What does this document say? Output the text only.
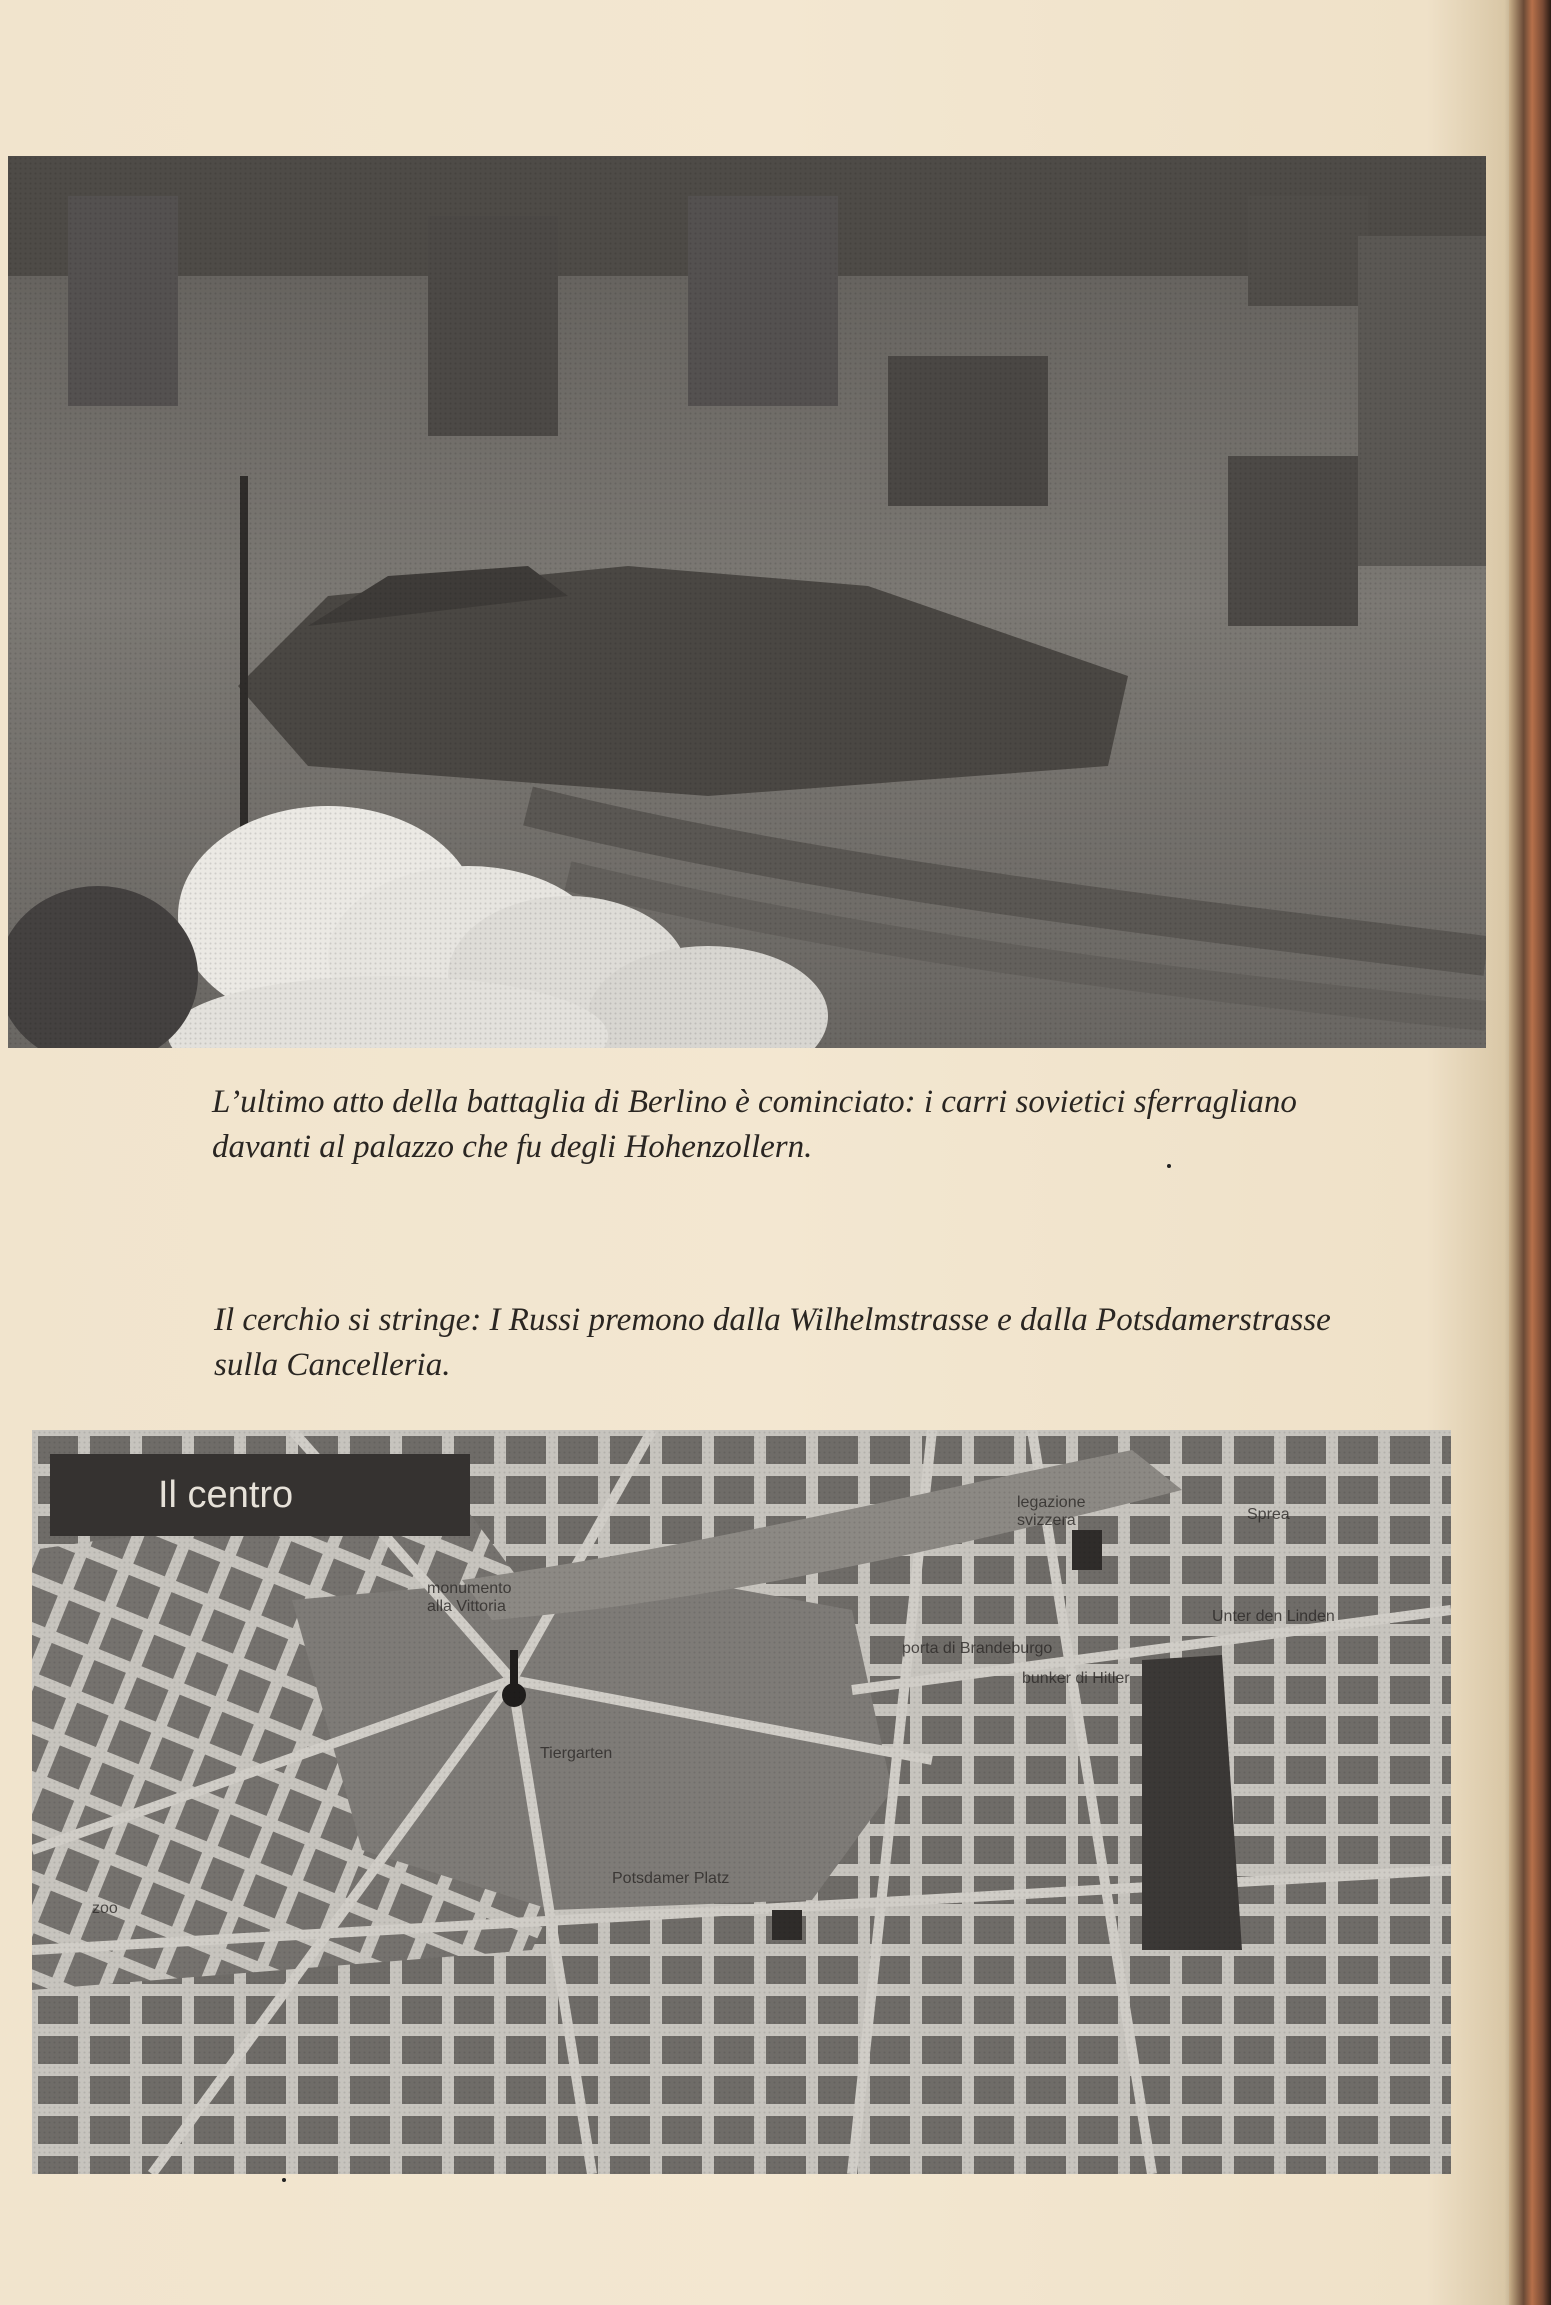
L’ultimo atto della battaglia di Berlino è cominciato: i carri sovietici sferragliano davanti al palazzo che fu degli Hohenzollern.

Il cerchio si stringe: I Russi premono dalla Wilhelmstrasse e dalla Potsdamerstrasse sulla Cancelleria.

Il centro	legazione
svizzera	Sprea
monumento
alla Vittoria
porta di Brandeburgo
Unter den Linden
bunker di Hitler
Tiergarten
Potsdamer Platz
zoo
